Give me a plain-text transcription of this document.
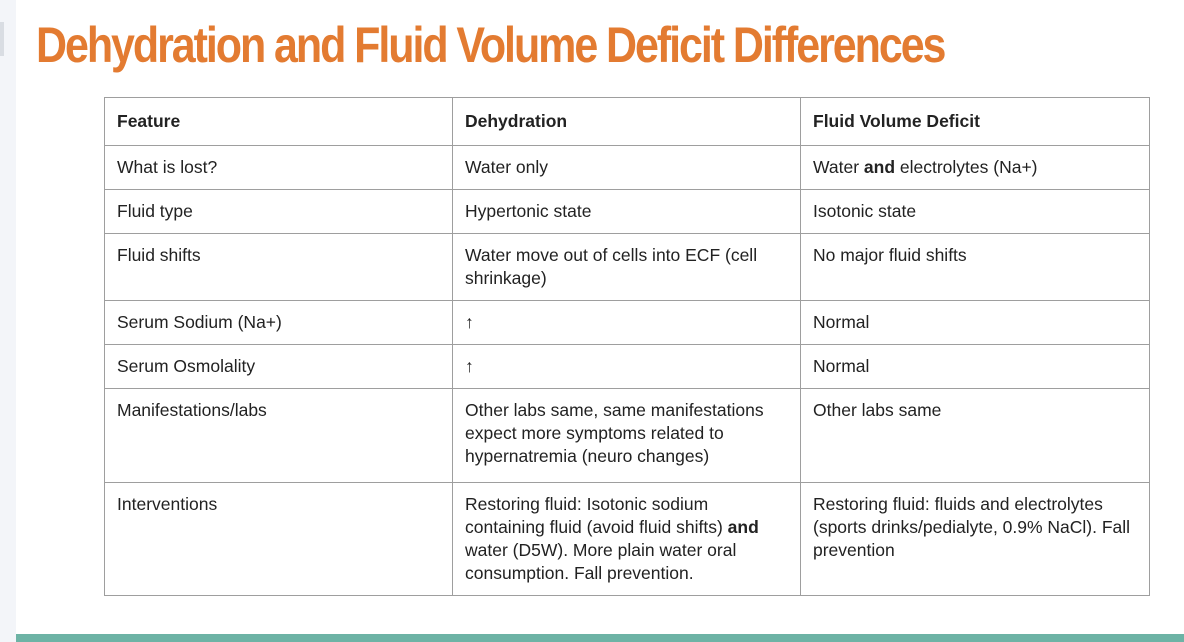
Dehydration and Fluid Volume Deficit Differences
Feature	Dehydration	Fluid Volume Deficit
What is lost?	Water only	Water and electrolytes (Na+)
Fluid type	Hypertonic state	Isotonic state
Fluid shifts	Water move out of cells into ECF (cell shrinkage)	No major fluid shifts
Serum Sodium (Na+)	↑	Normal
Serum Osmolality	↑	Normal
Manifestations/labs	Other labs same, same manifestations expect more symptoms related to hypernatremia (neuro changes)	Other labs same
Interventions	Restoring fluid: Isotonic sodium containing fluid (avoid fluid shifts) and water (D5W). More plain water oral consumption. Fall prevention.	Restoring fluid: fluids and electrolytes (sports drinks/pedialyte, 0.9% NaCl). Fall prevention
